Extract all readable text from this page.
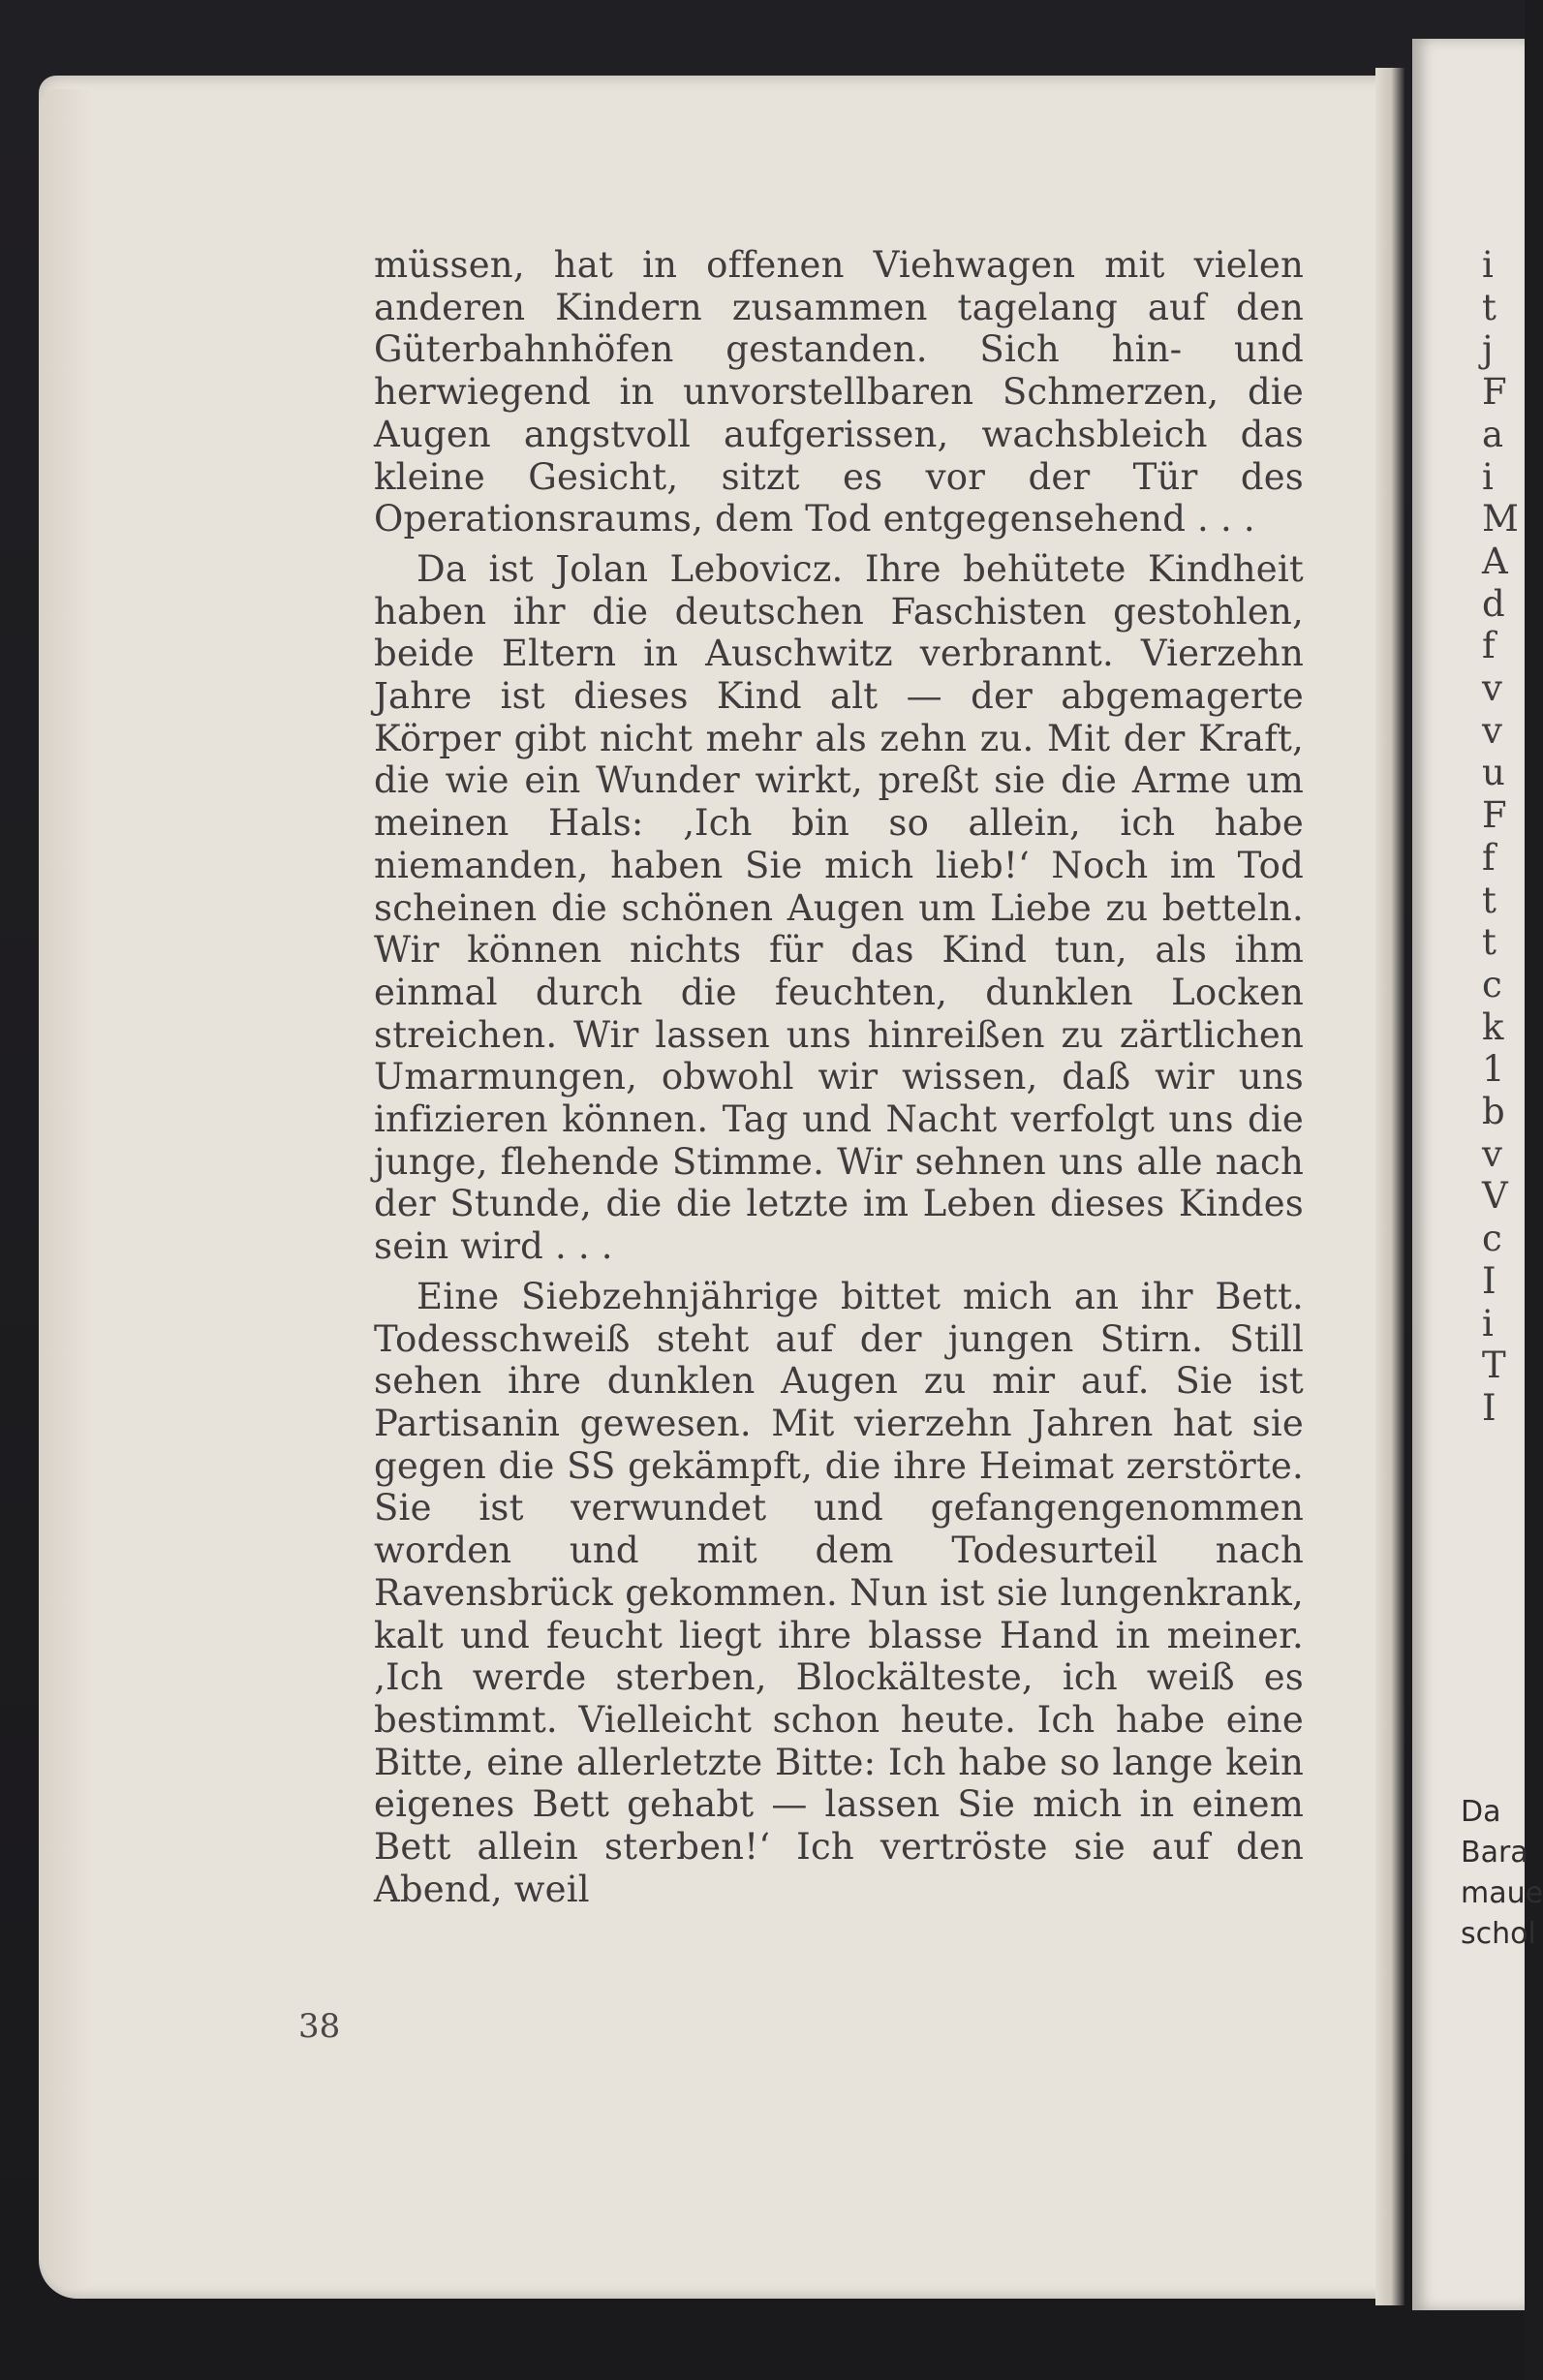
müssen, hat in offenen Viehwagen mit vielen anderen Kindern zusammen tagelang auf den Güterbahnhöfen gestanden. Sich hin- und herwiegend in unvorstellbaren Schmerzen, die Augen angstvoll aufgerissen, wachsbleich das kleine Gesicht, sitzt es vor der Tür des Operationsraums, dem Tod entgegensehend . . .

Da ist Jolan Lebovicz. Ihre behütete Kindheit haben ihr die deutschen Faschisten gestohlen, beide Eltern in Auschwitz verbrannt. Vierzehn Jahre ist dieses Kind alt — der abgemagerte Körper gibt nicht mehr als zehn zu. Mit der Kraft, die wie ein Wunder wirkt, preßt sie die Arme um meinen Hals: ‚Ich bin so allein, ich habe niemanden, haben Sie mich lieb!‘ Noch im Tod scheinen die schönen Augen um Liebe zu betteln. Wir können nichts für das Kind tun, als ihm einmal durch die feuchten, dunklen Locken streichen. Wir lassen uns hinreißen zu zärtlichen Umarmungen, obwohl wir wissen, daß wir uns infizieren können. Tag und Nacht verfolgt uns die junge, flehende Stimme. Wir sehnen uns alle nach der Stunde, die die letzte im Leben dieses Kindes sein wird . . .

Eine Siebzehnjährige bittet mich an ihr Bett. Todesschweiß steht auf der jungen Stirn. Still sehen ihre dunklen Augen zu mir auf. Sie ist Partisanin gewesen. Mit vierzehn Jahren hat sie gegen die SS gekämpft, die ihre Heimat zerstörte. Sie ist verwundet und gefangengenommen worden und mit dem Todesurteil nach Ravensbrück gekommen. Nun ist sie lungenkrank, kalt und feucht liegt ihre blasse Hand in meiner. ‚Ich werde sterben, Blockälteste, ich weiß es bestimmt. Vielleicht schon heute. Ich habe eine Bitte, eine allerletzte Bitte: Ich habe so lange kein eigenes Bett gehabt — lassen Sie mich in einem Bett allein sterben!‘ Ich vertröste sie auf den Abend, weil

38
i
t
j
F
a
i
M
A
d
f
v
v
u
F
f
t
t
c
k
1
b
v
V
c
I
i
T
I
Da
Bara
maue
schol
